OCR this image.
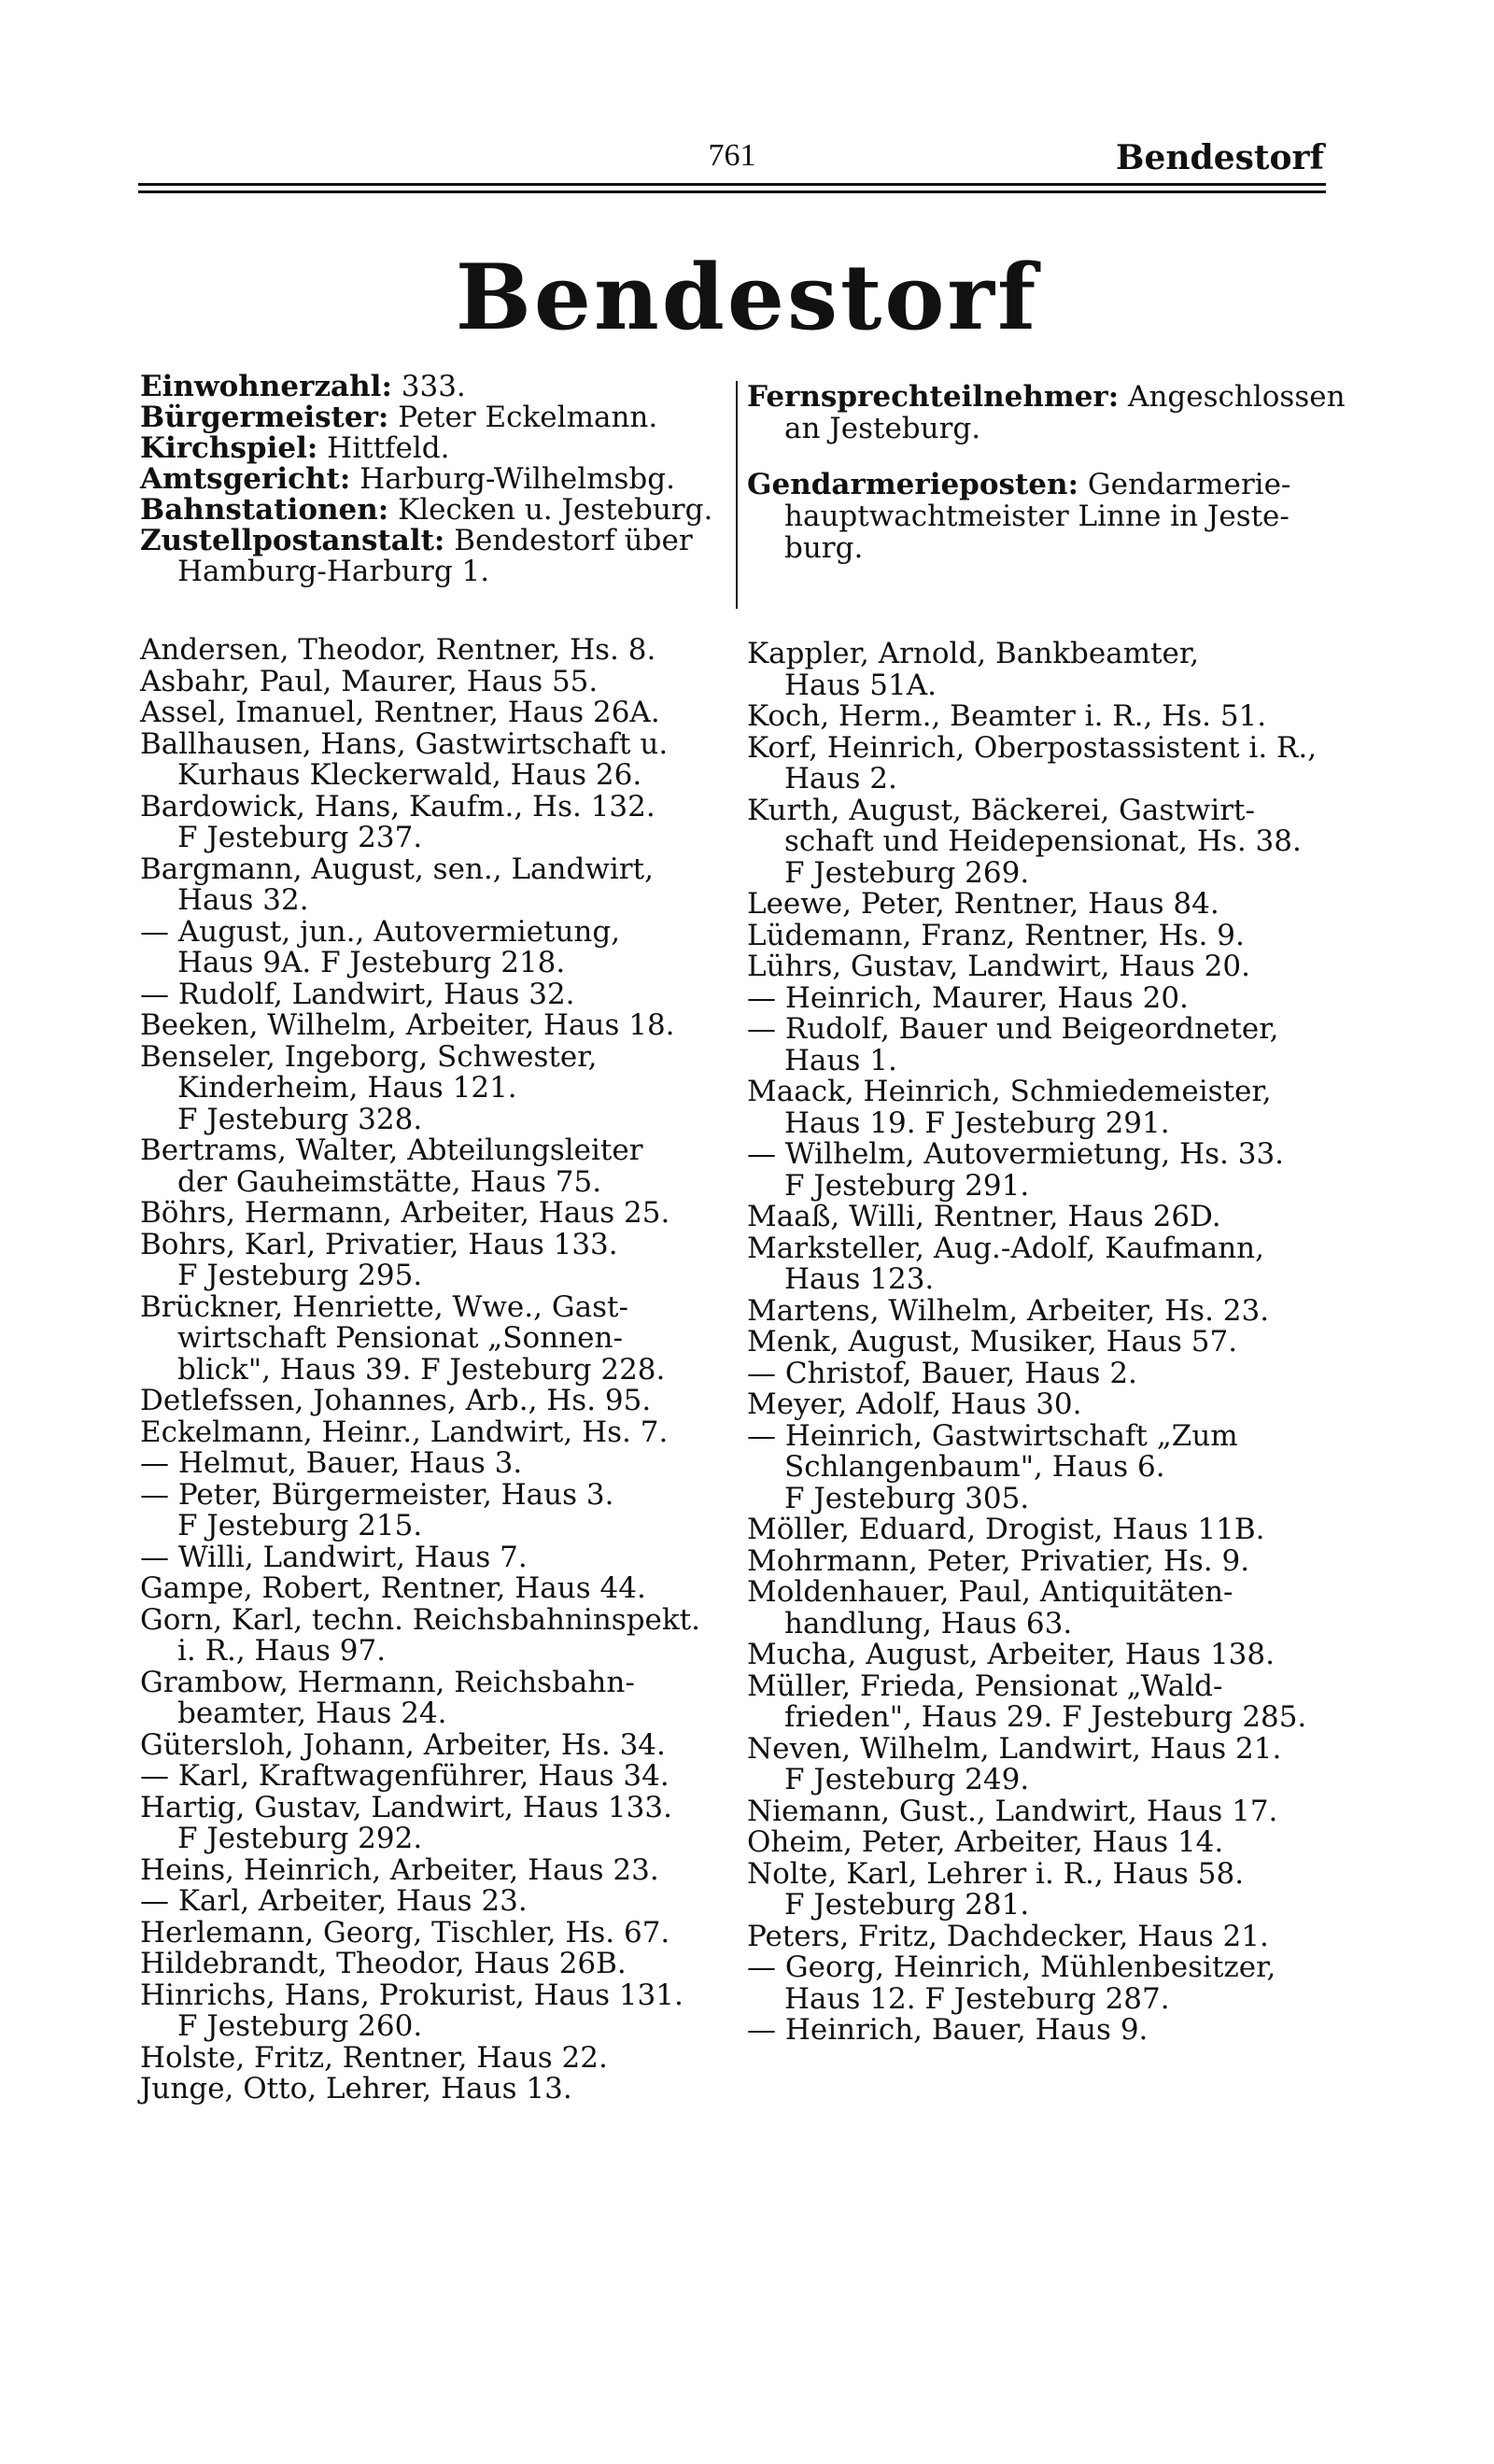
761	Bendestorf
Bendestorf
Einwohnerzahl: 333.
Bürgermeister: Peter Eckelmann.
Kirchspiel: Hittfeld.
Amtsgericht: Harburg-Wilhelmsbg.
Bahnstationen: Klecken u. Jesteburg.
Zustellpostanstalt: Bendestorf über
Hamburg-Harburg 1.
Fernsprechteilnehmer: Angeschlossen
an Jesteburg.
Gendarmerieposten: Gendarmerie-
hauptwachtmeister Linne in Jeste-
burg.
Andersen, Theodor, Rentner, Hs. 8.
Asbahr, Paul, Maurer, Haus 55.
Assel, Imanuel, Rentner, Haus 26A.
Ballhausen, Hans, Gastwirtschaft u.
Kurhaus Kleckerwald, Haus 26.
Bardowick, Hans, Kaufm., Hs. 132.
F Jesteburg 237.
Bargmann, August, sen., Landwirt,
Haus 32.
— August, jun., Autovermietung,
Haus 9A. F Jesteburg 218.
— Rudolf, Landwirt, Haus 32.
Beeken, Wilhelm, Arbeiter, Haus 18.
Benseler, Ingeborg, Schwester,
Kinderheim, Haus 121.
F Jesteburg 328.
Bertrams, Walter, Abteilungsleiter
der Gauheimstätte, Haus 75.
Böhrs, Hermann, Arbeiter, Haus 25.
Bohrs, Karl, Privatier, Haus 133.
F Jesteburg 295.
Brückner, Henriette, Wwe., Gast-
wirtschaft Pensionat „Sonnen-
blick", Haus 39. F Jesteburg 228.
Detlefssen, Johannes, Arb., Hs. 95.
Eckelmann, Heinr., Landwirt, Hs. 7.
— Helmut, Bauer, Haus 3.
— Peter, Bürgermeister, Haus 3.
F Jesteburg 215.
— Willi, Landwirt, Haus 7.
Gampe, Robert, Rentner, Haus 44.
Gorn, Karl, techn. Reichsbahninspekt.
i. R., Haus 97.
Grambow, Hermann, Reichsbahn-
beamter, Haus 24.
Gütersloh, Johann, Arbeiter, Hs. 34.
— Karl, Kraftwagenführer, Haus 34.
Hartig, Gustav, Landwirt, Haus 133.
F Jesteburg 292.
Heins, Heinrich, Arbeiter, Haus 23.
— Karl, Arbeiter, Haus 23.
Herlemann, Georg, Tischler, Hs. 67.
Hildebrandt, Theodor, Haus 26B.
Hinrichs, Hans, Prokurist, Haus 131.
F Jesteburg 260.
Holste, Fritz, Rentner, Haus 22.
Junge, Otto, Lehrer, Haus 13.
Kappler, Arnold, Bankbeamter,
Haus 51A.
Koch, Herm., Beamter i. R., Hs. 51.
Korf, Heinrich, Oberpostassistent i. R.,
Haus 2.
Kurth, August, Bäckerei, Gastwirt-
schaft und Heidepensionat, Hs. 38.
F Jesteburg 269.
Leewe, Peter, Rentner, Haus 84.
Lüdemann, Franz, Rentner, Hs. 9.
Lührs, Gustav, Landwirt, Haus 20.
— Heinrich, Maurer, Haus 20.
— Rudolf, Bauer und Beigeordneter,
Haus 1.
Maack, Heinrich, Schmiedemeister,
Haus 19. F Jesteburg 291.
— Wilhelm, Autovermietung, Hs. 33.
F Jesteburg 291.
Maaß, Willi, Rentner, Haus 26D.
Marksteller, Aug.-Adolf, Kaufmann,
Haus 123.
Martens, Wilhelm, Arbeiter, Hs. 23.
Menk, August, Musiker, Haus 57.
— Christof, Bauer, Haus 2.
Meyer, Adolf, Haus 30.
— Heinrich, Gastwirtschaft „Zum
Schlangenbaum", Haus 6.
F Jesteburg 305.
Möller, Eduard, Drogist, Haus 11B.
Mohrmann, Peter, Privatier, Hs. 9.
Moldenhauer, Paul, Antiquitäten-
handlung, Haus 63.
Mucha, August, Arbeiter, Haus 138.
Müller, Frieda, Pensionat „Wald-
frieden", Haus 29. F Jesteburg 285.
Neven, Wilhelm, Landwirt, Haus 21.
F Jesteburg 249.
Niemann, Gust., Landwirt, Haus 17.
Oheim, Peter, Arbeiter, Haus 14.
Nolte, Karl, Lehrer i. R., Haus 58.
F Jesteburg 281.
Peters, Fritz, Dachdecker, Haus 21.
— Georg, Heinrich, Mühlenbesitzer,
Haus 12. F Jesteburg 287.
— Heinrich, Bauer, Haus 9.
